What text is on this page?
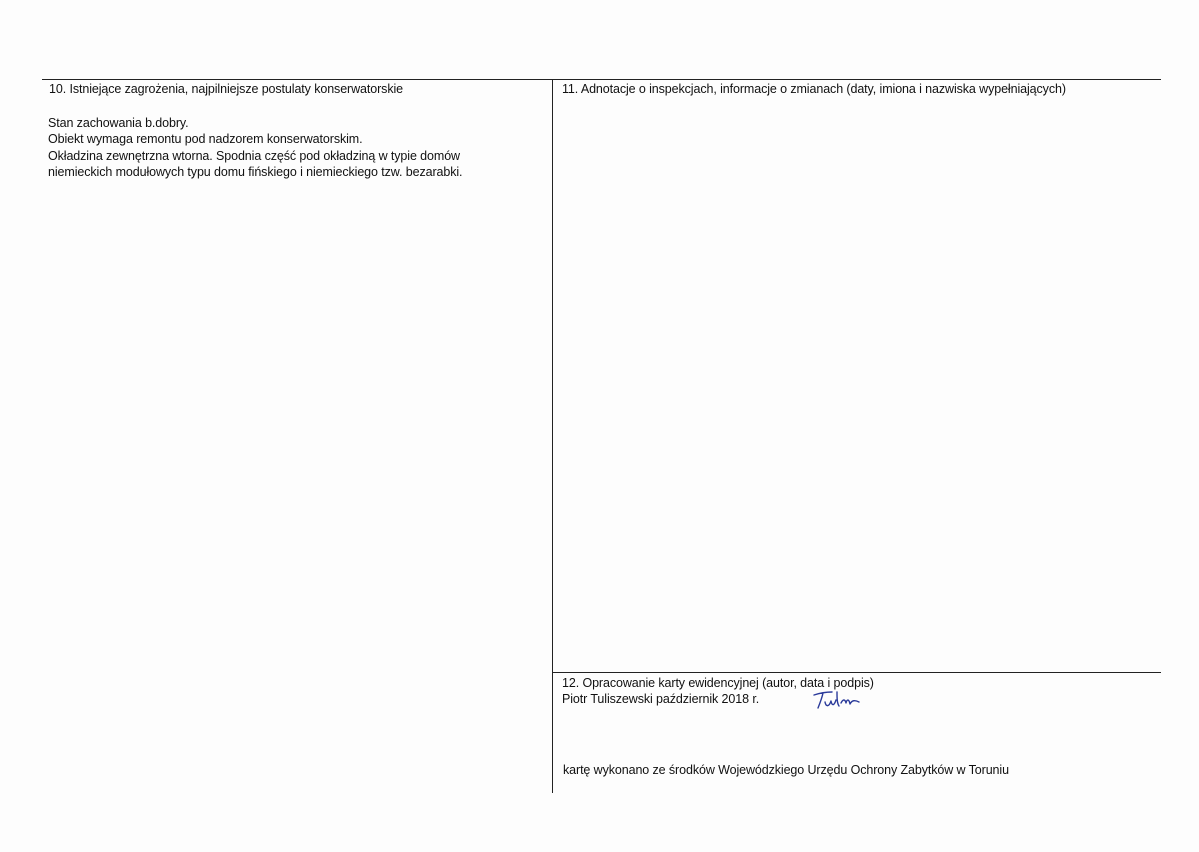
10. Istniejące zagrożenia, najpilniejsze postulaty konserwatorskie
Stan zachowania b.dobry.
Obiekt wymaga remontu pod nadzorem konserwatorskim.
Okładzina zewnętrzna wtorna. Spodnia część pod okładziną w typie domów
niemieckich modułowych typu domu fińskiego i niemieckiego tzw. bezarabki.
11. Adnotacje o inspekcjach, informacje o zmianach (daty, imiona i nazwiska wypełniających)
12. Opracowanie karty ewidencyjnej (autor, data i podpis)
Piotr Tuliszewski październik 2018 r.
kartę wykonano ze środków Wojewódzkiego Urzędu Ochrony Zabytków w Toruniu
